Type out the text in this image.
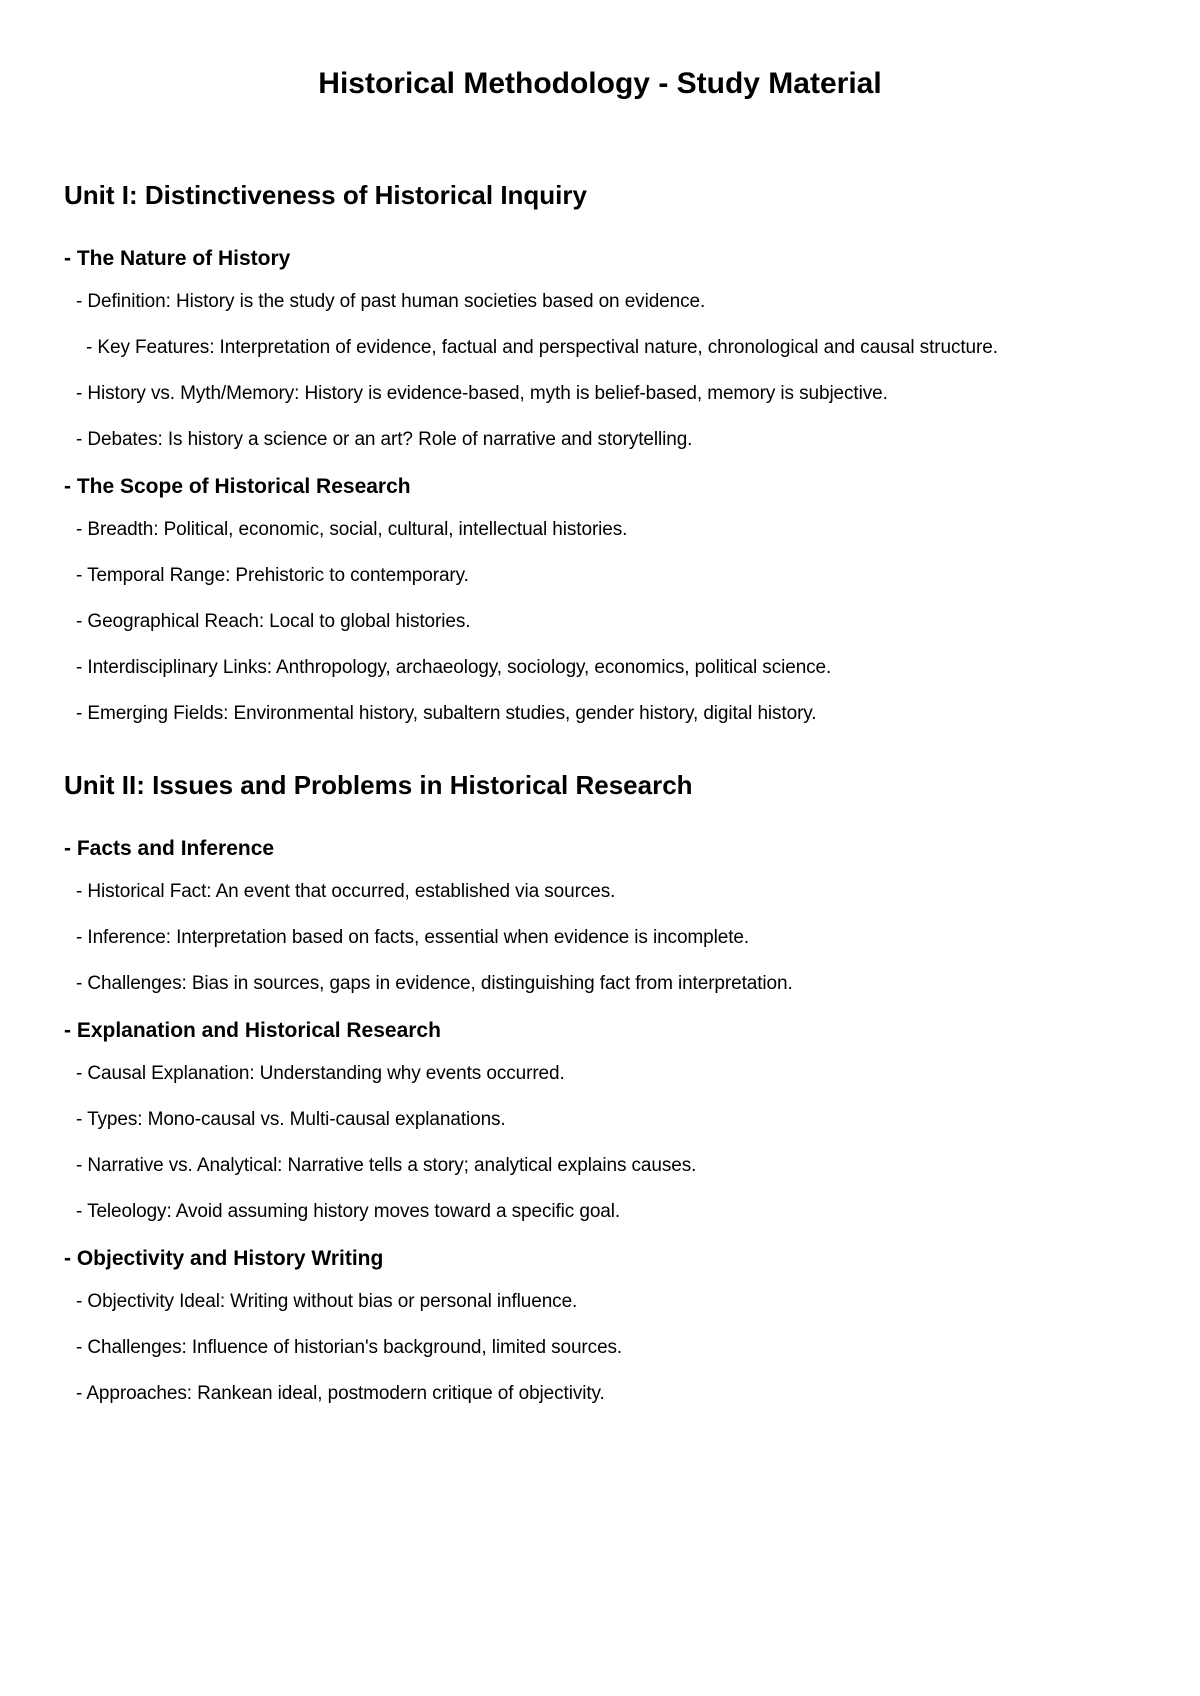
Historical Methodology - Study Material
Unit I: Distinctiveness of Historical Inquiry
- The Nature of History

- Definition: History is the study of past human societies based on evidence.

- Key Features: Interpretation of evidence, factual and perspectival nature, chronological and causal structure.

- History vs. Myth/Memory: History is evidence-based, myth is belief-based, memory is subjective.

- Debates: Is history a science or an art? Role of narrative and storytelling.

- The Scope of Historical Research

- Breadth: Political, economic, social, cultural, intellectual histories.

- Temporal Range: Prehistoric to contemporary.

- Geographical Reach: Local to global histories.

- Interdisciplinary Links: Anthropology, archaeology, sociology, economics, political science.

- Emerging Fields: Environmental history, subaltern studies, gender history, digital history.

Unit II: Issues and Problems in Historical Research
- Facts and Inference

- Historical Fact: An event that occurred, established via sources.

- Inference: Interpretation based on facts, essential when evidence is incomplete.

- Challenges: Bias in sources, gaps in evidence, distinguishing fact from interpretation.

- Explanation and Historical Research

- Causal Explanation: Understanding why events occurred.

- Types: Mono-causal vs. Multi-causal explanations.

- Narrative vs. Analytical: Narrative tells a story; analytical explains causes.

- Teleology: Avoid assuming history moves toward a specific goal.

- Objectivity and History Writing

- Objectivity Ideal: Writing without bias or personal influence.

- Challenges: Influence of historian's background, limited sources.

- Approaches: Rankean ideal, postmodern critique of objectivity.
